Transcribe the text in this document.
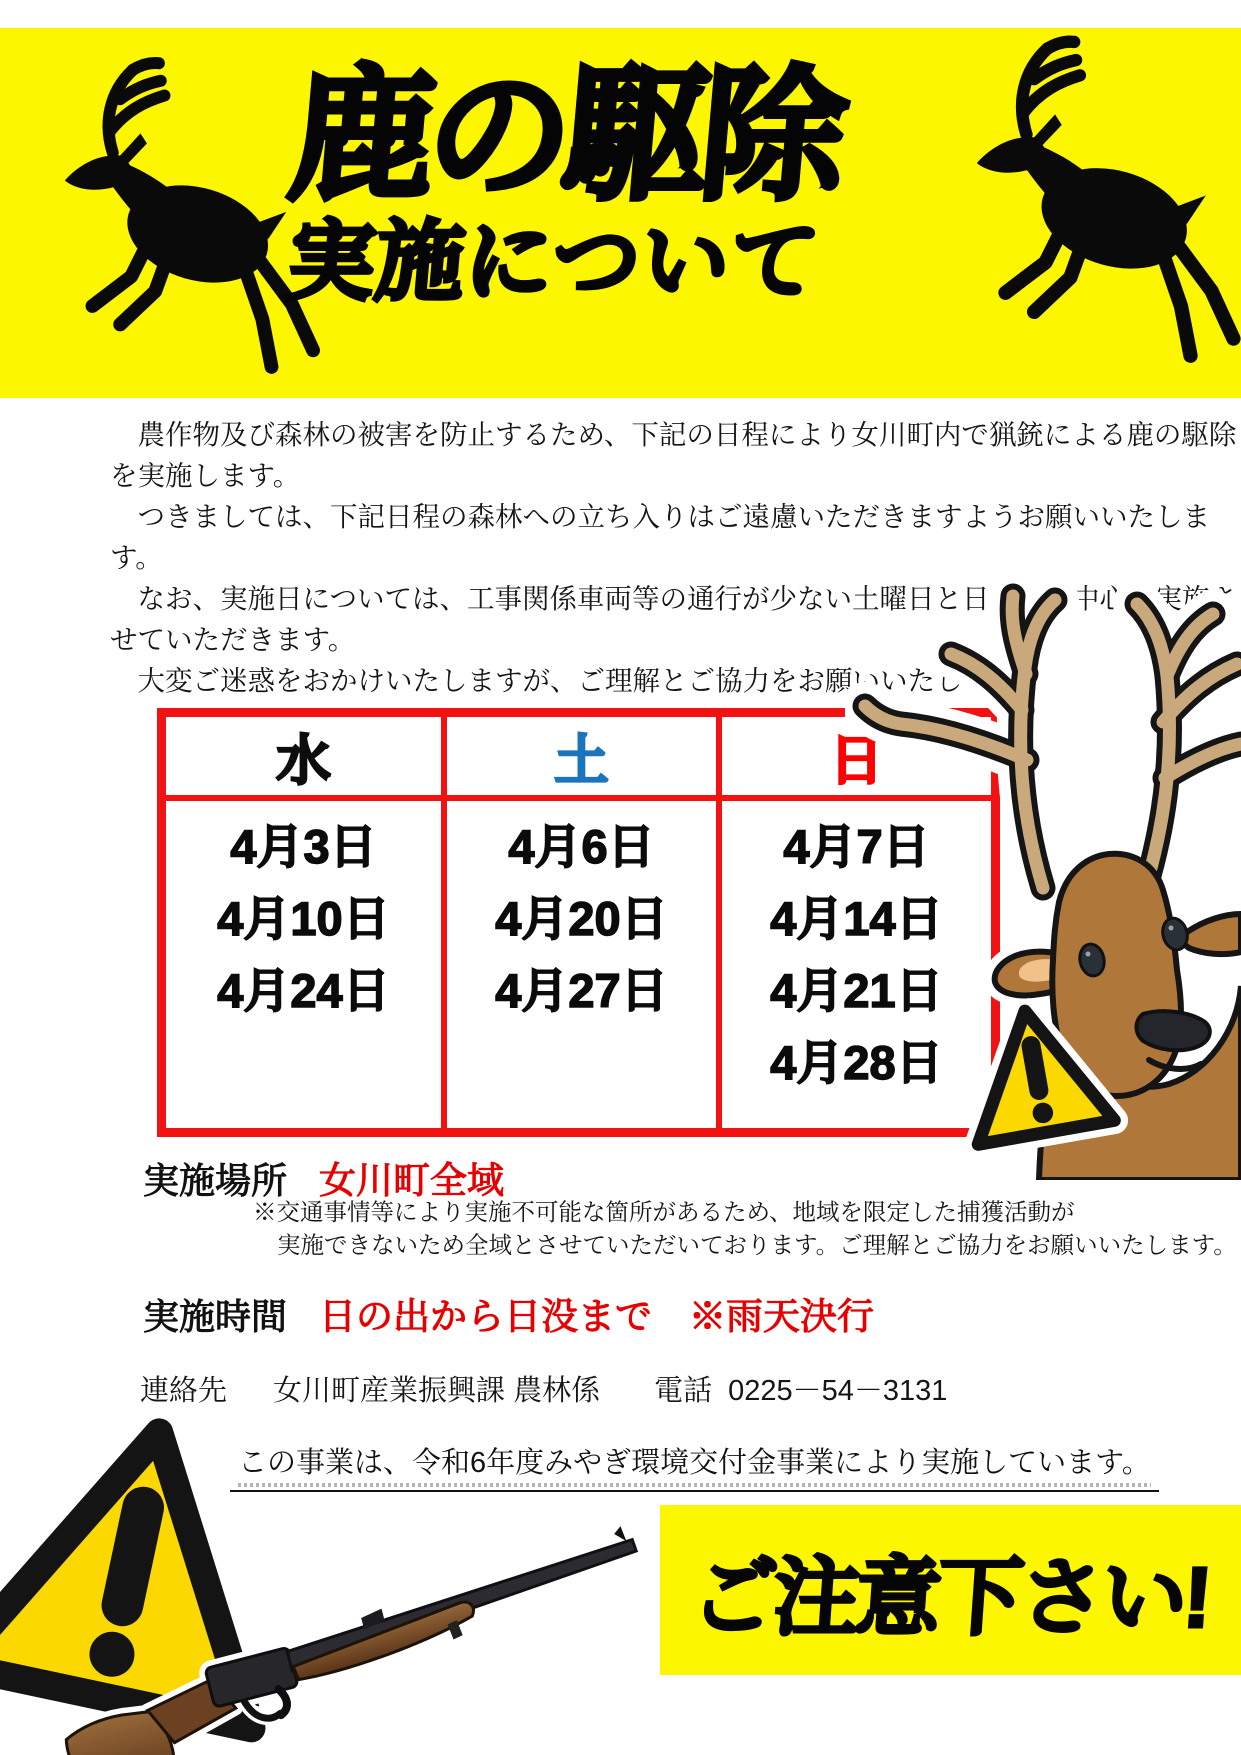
鹿の駆除
実施について

農作物及び森林の被害を防止するため、下記の日程により女川町内で猟銃による鹿の駆除を実施します。

つきましては、下記日程の森林への立ち入りはご遠慮いただきますようお願いいたします。

なお、実施日については、工事関係車両等の通行が少ない土曜日と日曜日を中心に実施させていただきます。

大変ご迷惑をおかけいたしますが、ご理解とご協力をお願いいたします。

水
4月3日
4月10日
4月24日
土
4月6日
4月20日
4月27日
日
4月7日
4月14日
4月21日
4月28日
実施場所 女川町全域
※交通事情等により実施不可能な箇所があるため、地域を限定した捕獲活動が
実施できないため全域とさせていただいております。ご理解とご協力をお願いいたします。
実施時間 日の出から日没まで　※雨天決行
連絡先 女川町産業振興課 農林係 電話 0225－54－3131
この事業は、令和6年度みやぎ環境交付金事業により実施しています。
ご注意下さい!
